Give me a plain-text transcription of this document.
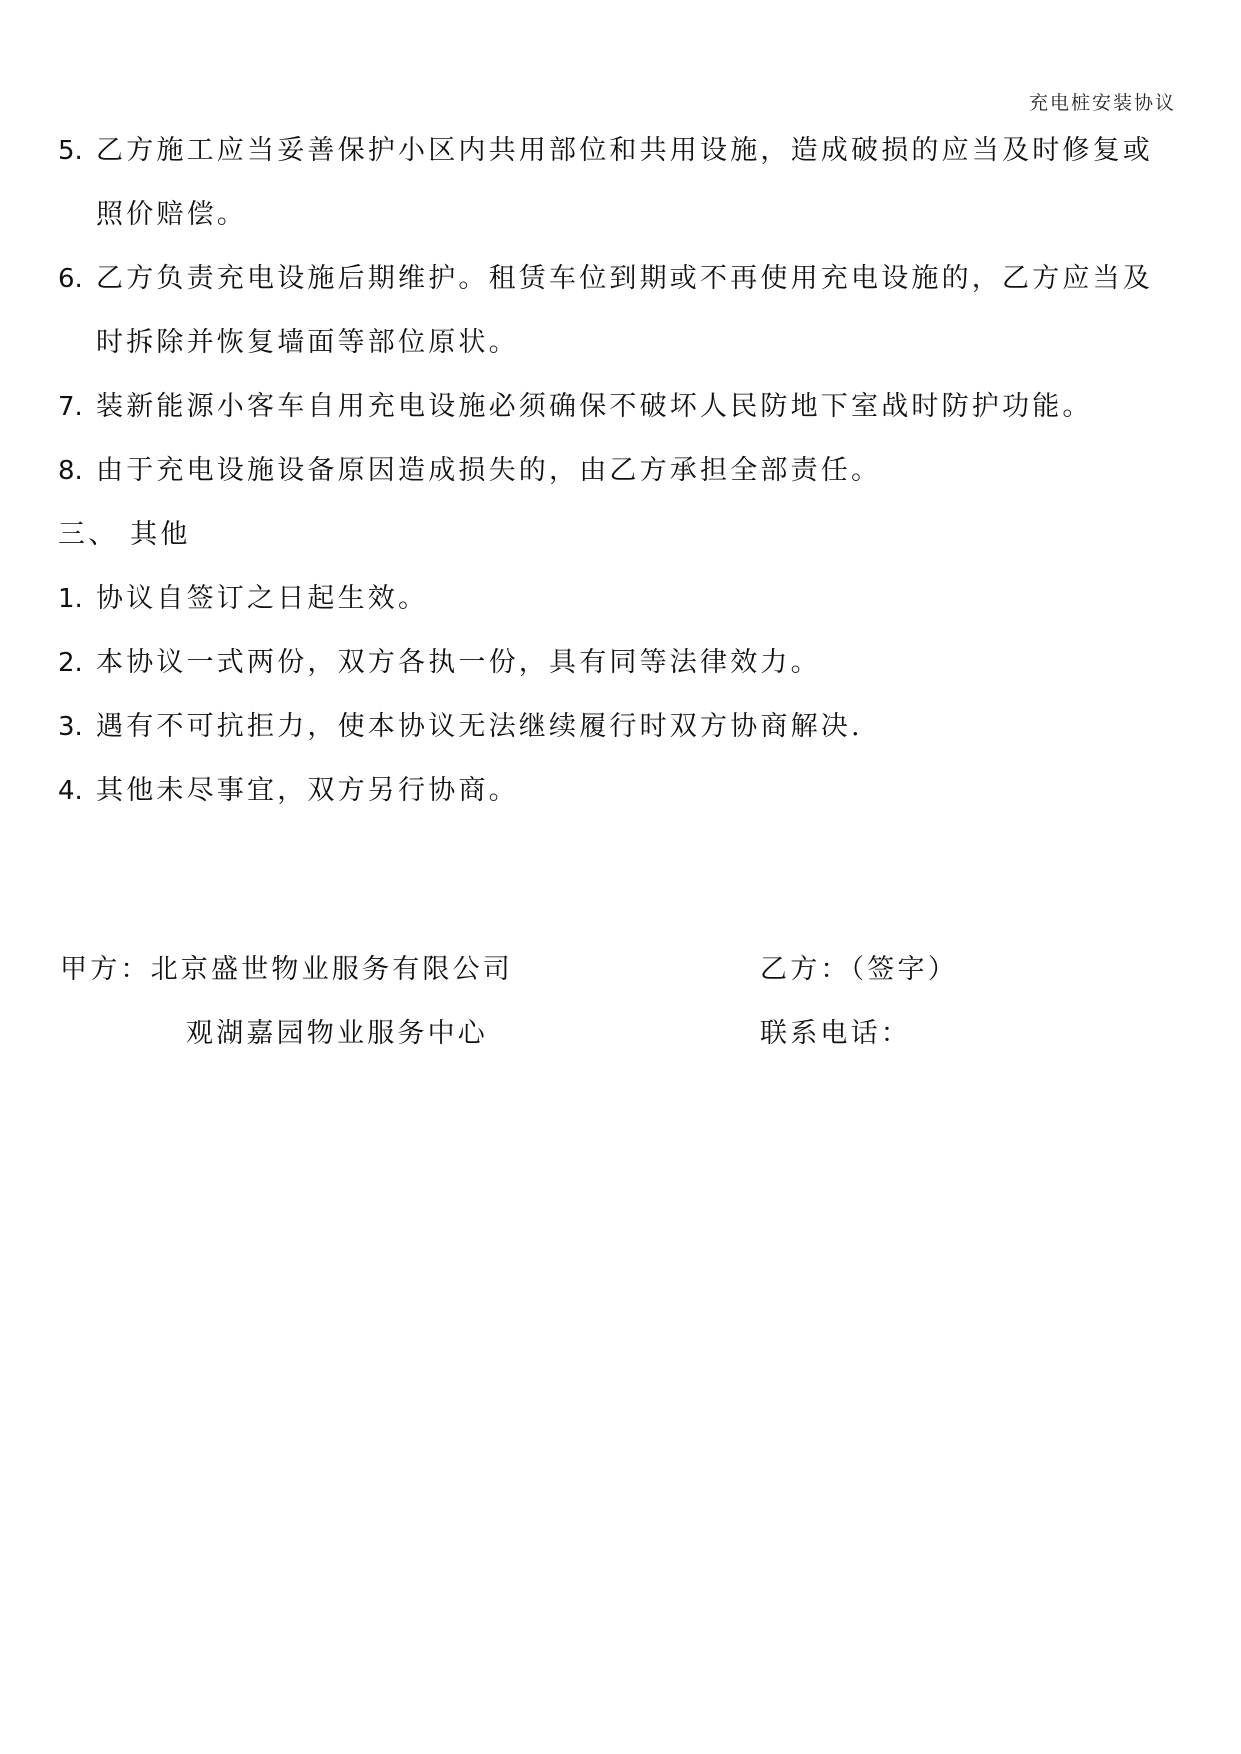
充电桩安装协议
5. 乙方施工应当妥善保护小区内共用部位和共用设施，造成破损的应当及时修复或
照价赔偿。
6. 乙方负责充电设施后期维护。租赁车位到期或不再使用充电设施的，乙方应当及
时拆除并恢复墙面等部位原状。
7. 装新能源小客车自用充电设施必须确保不破坏人民防地下室战时防护功能。
8. 由于充电设施设备原因造成损失的，由乙方承担全部责任。
三、 其他
1. 协议自签订之日起生效。
2. 本协议一式两份，双方各执一份，具有同等法律效力。
3. 遇有不可抗拒力，使本协议无法继续履行时双方协商解决.
4. 其他未尽事宜，双方另行协商。
甲方：北京盛世物业服务有限公司
观湖嘉园物业服务中心
乙方：（签字）
联系电话：
